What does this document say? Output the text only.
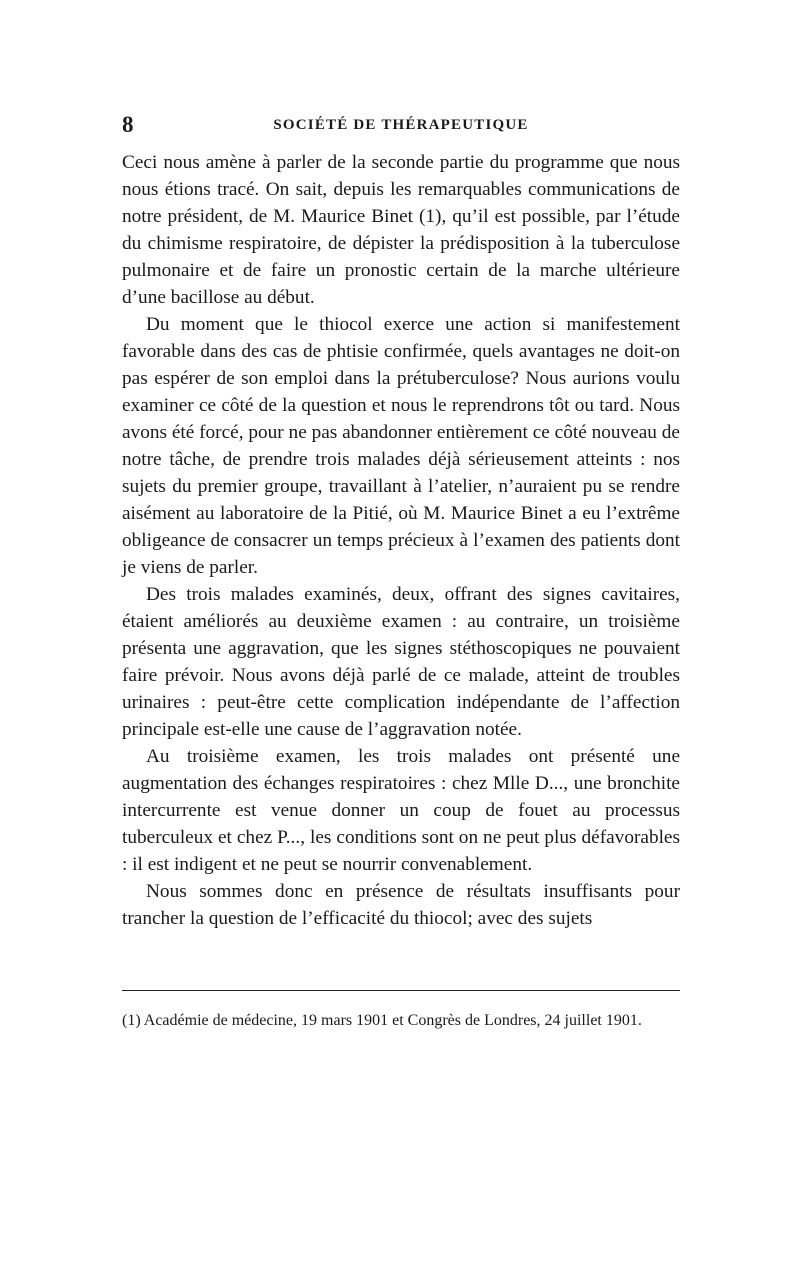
8	SOCIÉTÉ DE THÉRAPEUTIQUE

Ceci nous amène à parler de la seconde partie du programme que nous nous étions tracé. On sait, depuis les remarquables communications de notre président, de M. Maurice Binet (1), qu’il est possible, par l’étude du chimisme respiratoire, de dépister la prédisposition à la tuberculose pulmonaire et de faire un pronostic certain de la marche ultérieure d’une bacillose au début.

Du moment que le thiocol exerce une action si manifestement favorable dans des cas de phtisie confirmée, quels avantages ne doit-on pas espérer de son emploi dans la prétuberculose? Nous aurions voulu examiner ce côté de la question et nous le reprendrons tôt ou tard. Nous avons été forcé, pour ne pas abandonner entièrement ce côté nouveau de notre tâche, de prendre trois malades déjà sérieusement atteints : nos sujets du premier groupe, travaillant à l’atelier, n’auraient pu se rendre aisément au laboratoire de la Pitié, où M. Maurice Binet a eu l’extrême obligeance de consacrer un temps précieux à l’examen des patients dont je viens de parler.

Des trois malades examinés, deux, offrant des signes cavitaires, étaient améliorés au deuxième examen : au contraire, un troisième présenta une aggravation, que les signes stéthoscopiques ne pouvaient faire prévoir. Nous avons déjà parlé de ce malade, atteint de troubles urinaires : peut-être cette complication indépendante de l’affection principale est-elle une cause de l’aggravation notée.

Au troisième examen, les trois malades ont présenté une augmentation des échanges respiratoires : chez Mlle D..., une bronchite intercurrente est venue donner un coup de fouet au processus tuberculeux et chez P..., les conditions sont on ne peut plus défavorables : il est indigent et ne peut se nourrir convenablement.

Nous sommes donc en présence de résultats insuffisants pour trancher la question de l’efficacité du thiocol; avec des sujets

(1) Académie de médecine, 19 mars 1901 et Congrès de Londres, 24 juillet 1901.
